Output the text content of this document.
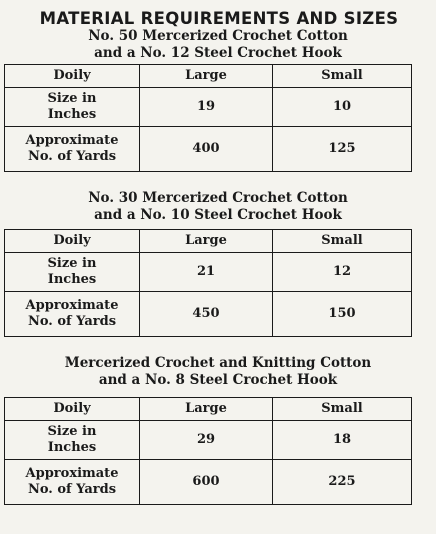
MATERIAL REQUIREMENTS AND SIZES
No. 50 Mercerized Crochet Cotton
and a No. 12 Steel Crochet Hook
Doily	Large	Small

Size in
Inches	19	10

Approximate
No. of Yards	400	125
No. 30 Mercerized Crochet Cotton
and a No. 10 Steel Crochet Hook
Doily	Large	Small

Size in
Inches	21	12

Approximate
No. of Yards	450	150
Mercerized Crochet and Knitting Cotton
and a No. 8 Steel Crochet Hook
Doily	Large	Small

Size in
Inches	29	18

Approximate
No. of Yards	600	225
